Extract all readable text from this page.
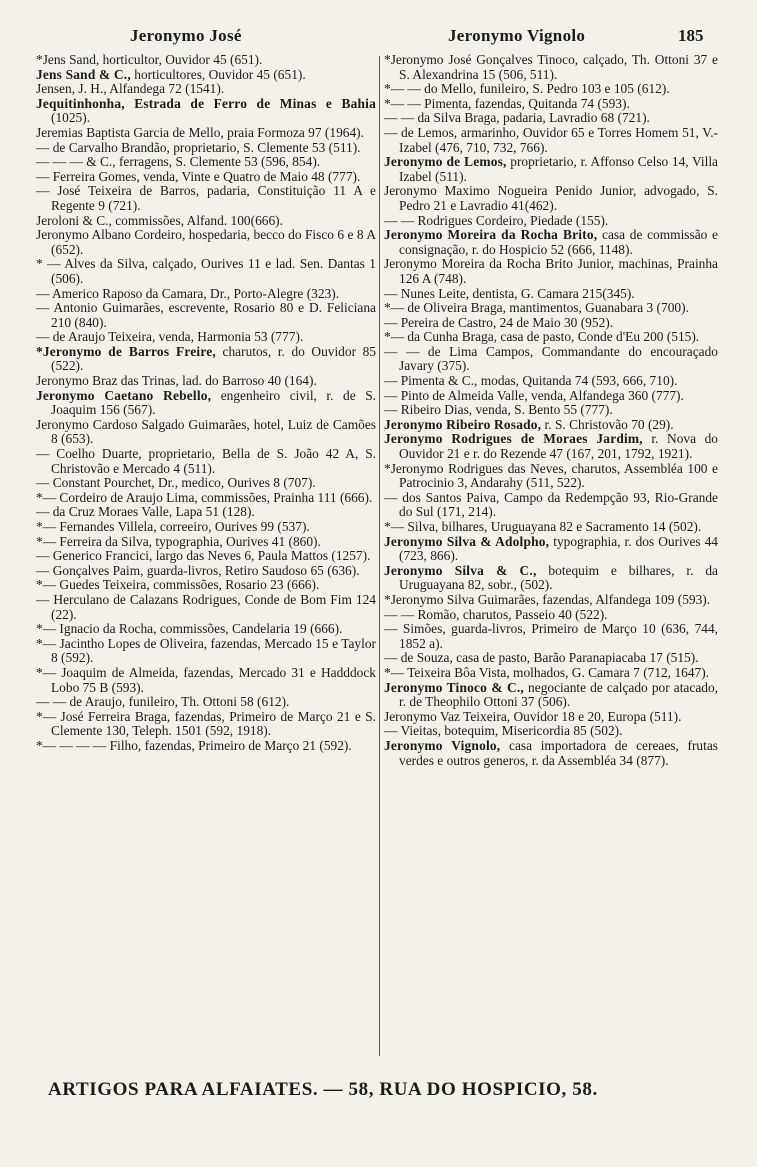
Jeronymo José	Jeronymo Vignolo	185

*Jens Sand, horticultor, Ouvidor 45 (651).

Jens Sand & C., horticultores, Ouvidor 45 (651).

Jensen, J. H., Alfandega 72 (1541).

Jequitinhonha, Estrada de Ferro de Minas e Bahia (1025).

Jeremias Baptista Garcia de Mello, praia Formoza 97 (1964).

— de Carvalho Brandão, proprietario, S. Clemente 53 (511).

— — — & C., ferragens, S. Clemente 53 (596, 854).

— Ferreira Gomes, venda, Vinte e Quatro de Maio 48 (777).

— José Teixeira de Barros, padaria, Constituição 11 A e Regente 9 (721).

Jeroloni & C., commissões, Alfand. 100(666).

Jeronymo Albano Cordeiro, hospedaria, becco do Fisco 6 e 8 A (652).

* — Alves da Silva, calçado, Ourives 11 e lad. Sen. Dantas 1 (506).

— Americo Raposo da Camara, Dr., Porto-Alegre (323).

— Antonio Guimarães, escrevente, Rosario 80 e D. Feliciana 210 (840).

— de Araujo Teixeira, venda, Harmonia 53 (777).

*Jeronymo de Barros Freire, charutos, r. do Ouvidor 85 (522).

Jeronymo Braz das Trinas, lad. do Barroso 40 (164).

Jeronymo Caetano Rebello, engenheiro civil, r. de S. Joaquim 156 (567).

Jeronymo Cardoso Salgado Guimarães, hotel, Luiz de Camões 8 (653).

— Coelho Duarte, proprietario, Bella de S. João 42 A, S. Christovão e Mercado 4 (511).

— Constant Pourchet, Dr., medico, Ourives 8 (707).

*— Cordeiro de Araujo Lima, commissões, Prainha 111 (666).

— da Cruz Moraes Valle, Lapa 51 (128).

*— Fernandes Villela, correeiro, Ourives 99 (537).

*— Ferreira da Silva, typographia, Ourives 41 (860).

— Generico Francici, largo das Neves 6, Paula Mattos (1257).

— Gonçalves Paim, guarda-livros, Retiro Saudoso 65 (636).

*— Guedes Teixeira, commissões, Rosario 23 (666).

— Herculano de Calazans Rodrigues, Conde de Bom Fim 124 (22).

*— Ignacio da Rocha, commissões, Candelaria 19 (666).

*— Jacintho Lopes de Oliveira, fazendas, Mercado 15 e Taylor 8 (592).

*— Joaquim de Almeida, fazendas, Mercado 31 e Hadddock Lobo 75 B (593).

— — de Araujo, funileiro, Th. Ottoni 58 (612).

*— José Ferreira Braga, fazendas, Primeiro de Março 21 e S. Clemente 130, Teleph. 1501 (592, 1918).

*— — — — Filho, fazendas, Primeiro de Março 21 (592).

*Jeronymo José Gonçalves Tinoco, calçado, Th. Ottoni 37 e S. Alexandrina 15 (506, 511).

*— — do Mello, funileiro, S. Pedro 103 e 105 (612).

*— — Pimenta, fazendas, Quitanda 74 (593).

— — da Silva Braga, padaria, Lavradio 68 (721).

— de Lemos, armarinho, Ouvidor 65 e Torres Homem 51, V.-Izabel (476, 710, 732, 766).

Jeronymo de Lemos, proprietario, r. Affonso Celso 14, Villa Izabel (511).

Jeronymo Maximo Nogueira Penido Junior, advogado, S. Pedro 21 e Lavradio 41(462).

— — Rodrigues Cordeiro, Piedade (155).

Jeronymo Moreira da Rocha Brito, casa de commissão e consignação, r. do Hospicio 52 (666, 1148).

Jeronymo Moreira da Rocha Brito Junior, machinas, Prainha 126 A (748).

— Nunes Leite, dentista, G. Camara 215(345).

*— de Oliveira Braga, mantimentos, Guanabara 3 (700).

— Pereira de Castro, 24 de Maio 30 (952).

*— da Cunha Braga, casa de pasto, Conde d'Eu 200 (515).

— — de Lima Campos, Commandante do encouraçado Javary (375).

— Pimenta & C., modas, Quitanda 74 (593, 666, 710).

— Pinto de Almeida Valle, venda, Alfandega 360 (777).

— Ribeiro Dias, venda, S. Bento 55 (777).

Jeronymo Ribeiro Rosado, r. S. Christovão 70 (29).

Jeronymo Rodrigues de Moraes Jardim, r. Nova do Ouvidor 21 e r. do Rezende 47 (167, 201, 1792, 1921).

*Jeronymo Rodrigues das Neves, charutos, Assembléa 100 e Patrocinio 3, Andarahy (511, 522).

— dos Santos Paiva, Campo da Redempção 93, Rio-Grande do Sul (171, 214).

*— Silva, bilhares, Uruguayana 82 e Sacramento 14 (502).

Jeronymo Silva & Adolpho, typographia, r. dos Ourives 44 (723, 866).

Jeronymo Silva & C., botequim e bilhares, r. da Uruguayana 82, sobr., (502).

*Jeronymo Silva Guimarães, fazendas, Alfandega 109 (593).

— — Romão, charutos, Passeio 40 (522).

— Simões, guarda-livros, Primeiro de Março 10 (636, 744, 1852 a).

— de Souza, casa de pasto, Barão Paranapiacaba 17 (515).

*— Teixeira Bôa Vista, molhados, G. Camara 7 (712, 1647).

Jeronymo Tinoco & C., negociante de calçado por atacado, r. de Theophilo Ottoni 37 (506).

Jeronymo Vaz Teixeira, Ouvidor 18 e 20, Europa (511).

— Vieitas, botequim, Misericordia 85 (502).

Jeronymo Vignolo, casa importadora de cereaes, frutas verdes e outros generos, r. da Assembléa 34 (877).

ARTIGOS PARA ALFAIATES. — 58, RUA DO HOSPICIO, 58.
